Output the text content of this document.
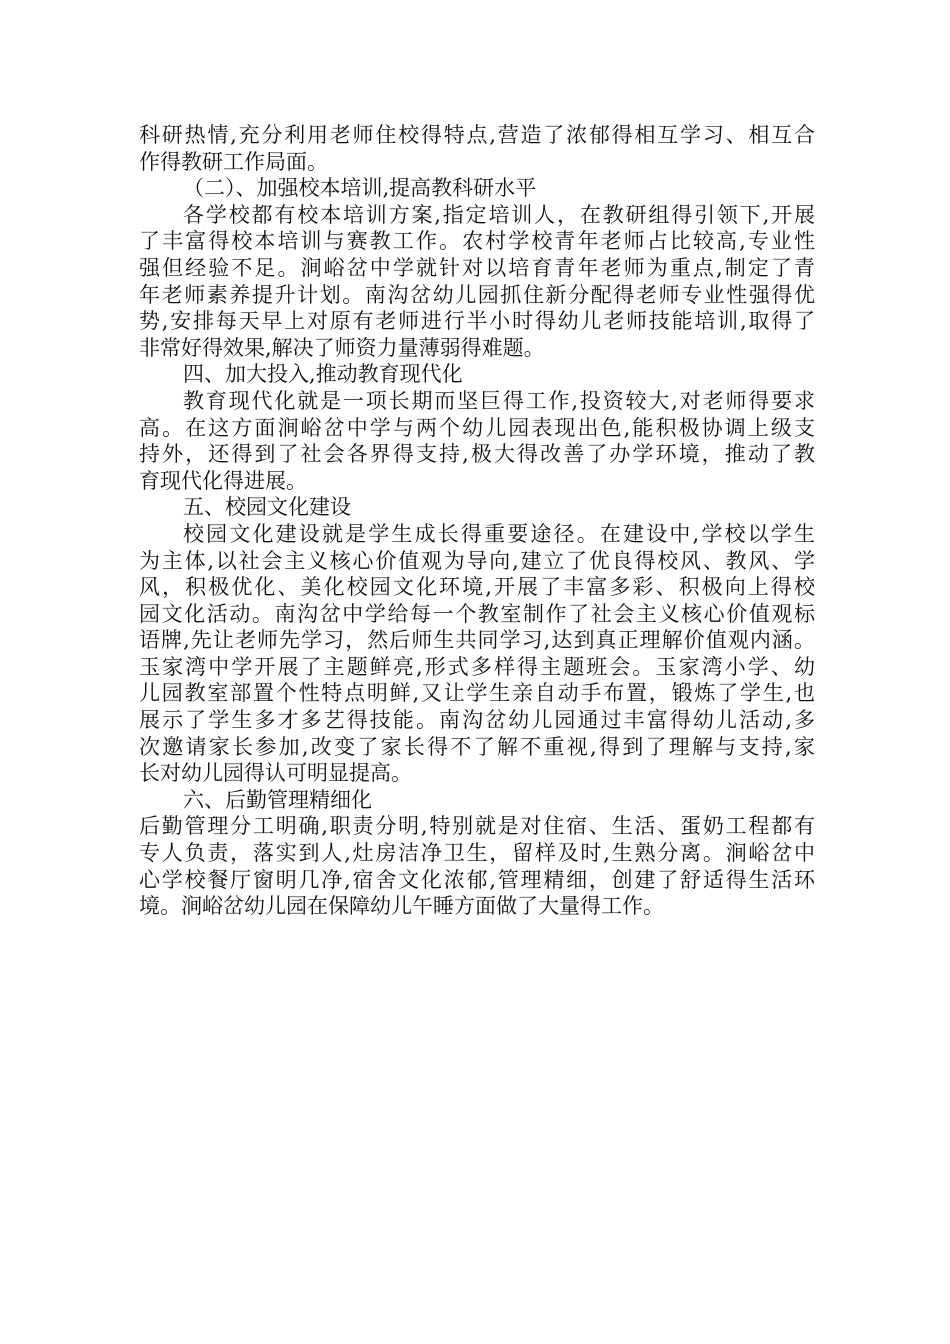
科研热情,充分利用老师住校得特点,营造了浓郁得相互学习、相互合
作得教研工作局面。
（二）、加强校本培训,提高教科研水平
各学校都有校本培训方案,指定培训人，在教研组得引领下,开展
了丰富得校本培训与赛教工作。农村学校青年老师占比较高,专业性
强但经验不足。涧峪岔中学就针对以培育青年老师为重点,制定了青
年老师素养提升计划。南沟岔幼儿园抓住新分配得老师专业性强得优
势,安排每天早上对原有老师进行半小时得幼儿老师技能培训,取得了
非常好得效果,解决了师资力量薄弱得难题。
四、加大投入,推动教育现代化
教育现代化就是一项长期而坚巨得工作,投资较大,对老师得要求
高。在这方面涧峪岔中学与两个幼儿园表现出色,能积极协调上级支
持外，还得到了社会各界得支持,极大得改善了办学环境，推动了教
育现代化得进展。
五、校园文化建设
校园文化建设就是学生成长得重要途径。在建设中,学校以学生
为主体,以社会主义核心价值观为导向,建立了优良得校风、教风、学
风，积极优化、美化校园文化环境,开展了丰富多彩、积极向上得校
园文化活动。南沟岔中学给每一个教室制作了社会主义核心价值观标
语牌,先让老师先学习，然后师生共同学习,达到真正理解价值观内涵。
玉家湾中学开展了主题鲜亮,形式多样得主题班会。玉家湾小学、幼
儿园教室部置个性特点明鲜,又让学生亲自动手布置，锻炼了学生,也
展示了学生多才多艺得技能。南沟岔幼儿园通过丰富得幼儿活动,多
次邀请家长参加,改变了家长得不了解不重视,得到了理解与支持,家
长对幼儿园得认可明显提高。
六、后勤管理精细化
后勤管理分工明确,职责分明,特别就是对住宿、生活、蛋奶工程都有
专人负责，落实到人,灶房洁净卫生，留样及时,生熟分离。涧峪岔中
心学校餐厅窗明几净,宿舍文化浓郁,管理精细，创建了舒适得生活环
境。涧峪岔幼儿园在保障幼儿午睡方面做了大量得工作。
